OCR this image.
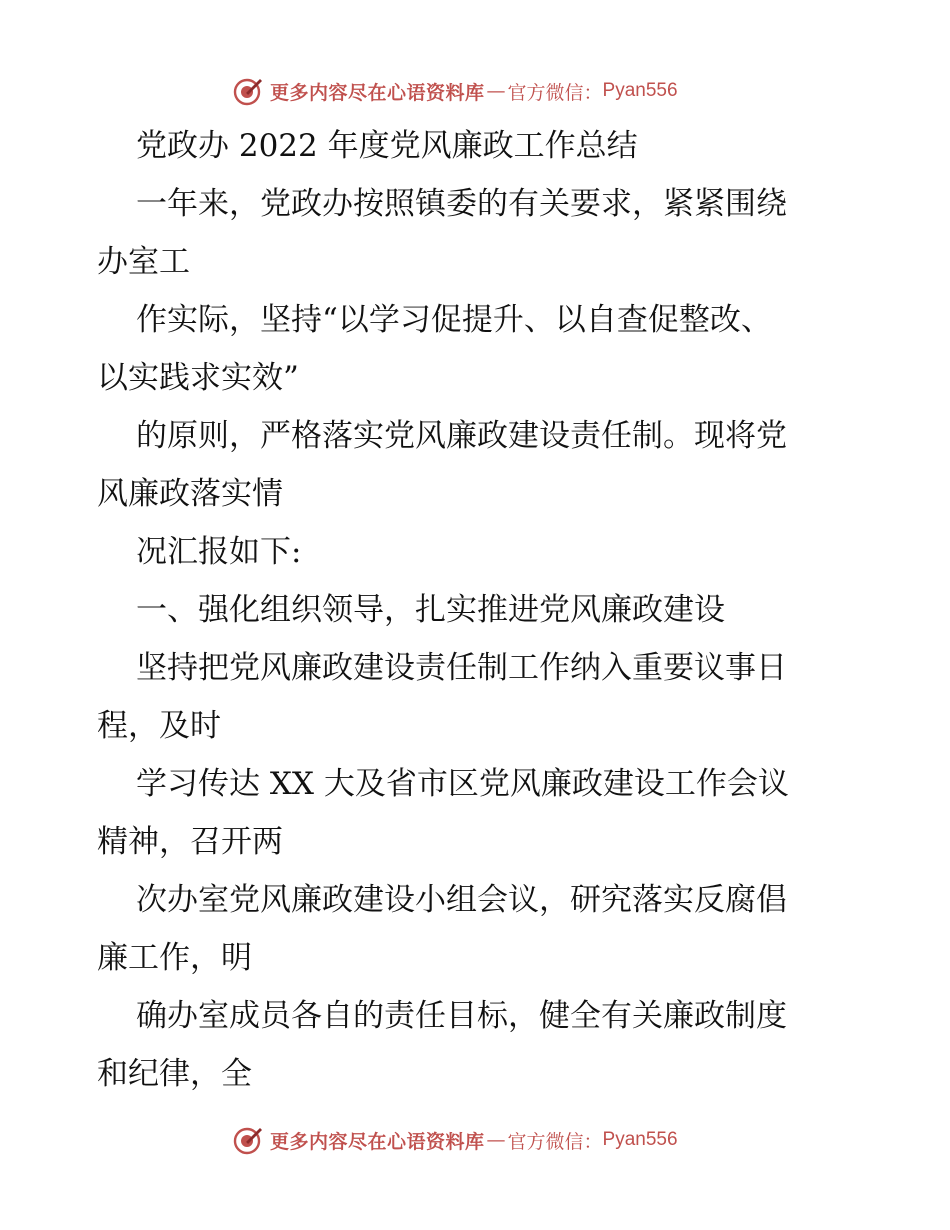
更多内容尽在心语资料库 — 官方微信： Pyan556
党政办 2022 年度党风廉政工作总结
一年来，党政办按照镇委的有关要求，紧紧围绕
办室工
作实际，坚持“以学习促提升、以自查促整改、
以实践求实效”
的原则，严格落实党风廉政建设责任制。现将党
风廉政落实情
况汇报如下:
一、强化组织领导，扎实推进党风廉政建设
坚持把党风廉政建设责任制工作纳入重要议事日
程，及时
学习传达 XX 大及省市区党风廉政建设工作会议
精神，召开两
次办室党风廉政建设小组会议，研究落实反腐倡
廉工作，明
确办室成员各自的责任目标，健全有关廉政制度
和纪律，全
更多内容尽在心语资料库 — 官方微信： Pyan556
